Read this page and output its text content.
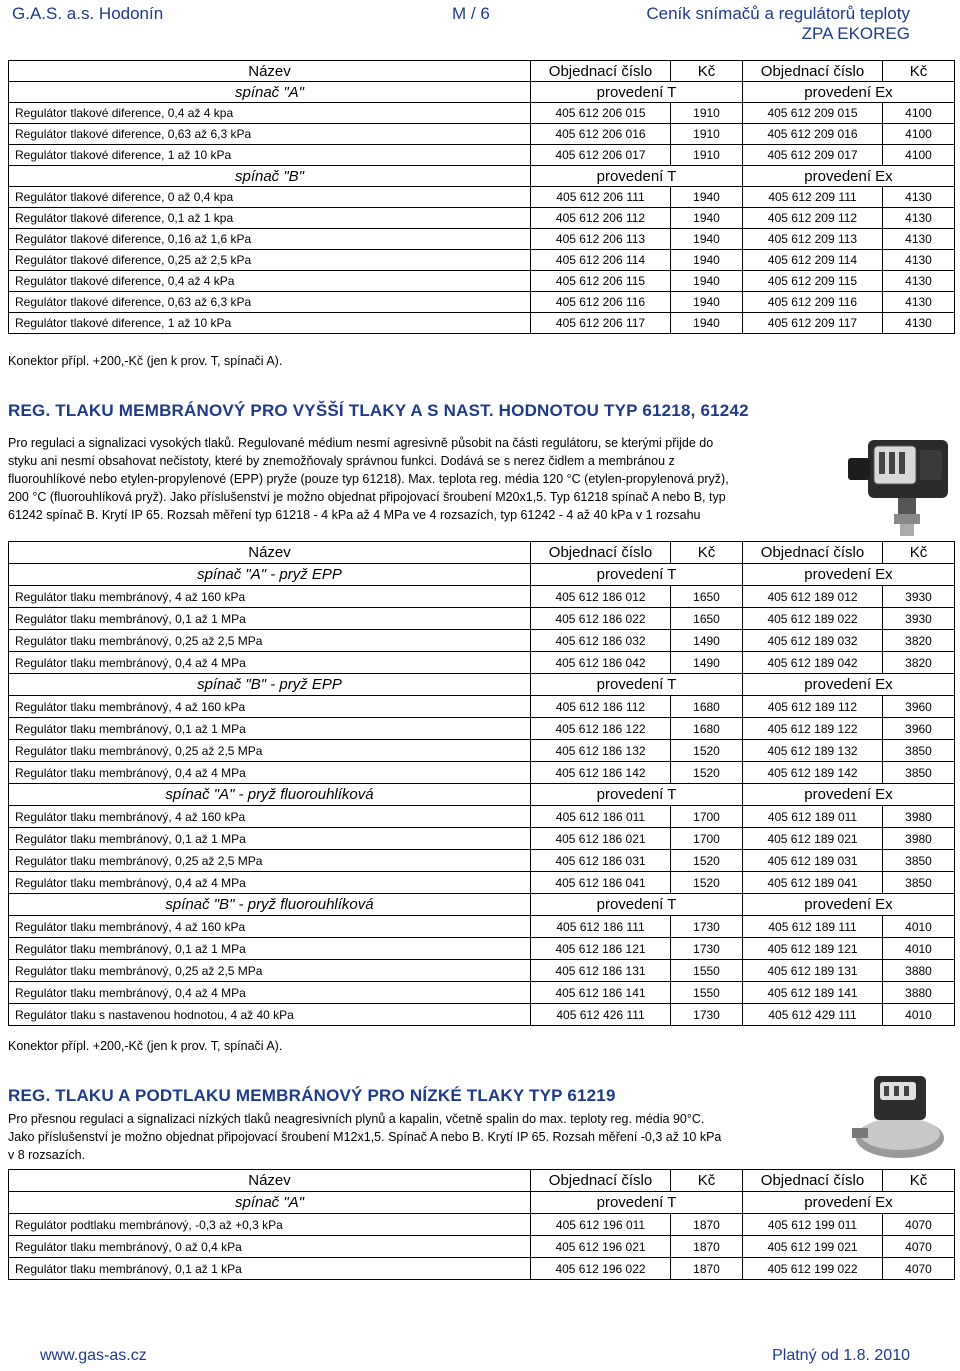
G.A.S. a.s. Hodonín	M / 6	Ceník snímačů a regulátorů teploty
ZPA EKOREG
Název	Objednací číslo	Kč	Objednací číslo	Kč
spínač "A"	provedení T		provedení Ex	
Regulátor tlakové diference, 0,4 až 4 kpa	405 612 206 015	1910	405 612 209 015	4100
Regulátor tlakové diference, 0,63 až 6,3 kPa	405 612 206 016	1910	405 612 209 016	4100
Regulátor tlakové diference, 1 až 10 kPa	405 612 206 017	1910	405 612 209 017	4100
spínač "B"	provedení T		provedení Ex	
Regulátor tlakové diference, 0 až 0,4 kpa	405 612 206 111	1940	405 612 209 111	4130
Regulátor tlakové diference, 0,1 až 1 kpa	405 612 206 112	1940	405 612 209 112	4130
Regulátor tlakové diference, 0,16 až 1,6 kPa	405 612 206 113	1940	405 612 209 113	4130
Regulátor tlakové diference, 0,25 až 2,5 kPa	405 612 206 114	1940	405 612 209 114	4130
Regulátor tlakové diference, 0,4 až 4 kPa	405 612 206 115	1940	405 612 209 115	4130
Regulátor tlakové diference, 0,63 až 6,3 kPa	405 612 206 116	1940	405 612 209 116	4130
Regulátor tlakové diference, 1 až 10 kPa	405 612 206 117	1940	405 612 209 117	4130
Konektor přípl. +200,-Kč (jen k prov. T, spínači A).
REG. TLAKU MEMBRÁNOVÝ PRO VYŠŠÍ TLAKY A S NAST. HODNOTOU TYP 61218, 61242
Pro regulaci a signalizaci vysokých tlaků. Regulované médium nesmí agresivně působit na části regulátoru, se kterými přijde do
styku ani nesmí obsahovat nečistoty, které by znemožňovaly správnou funkci. Dodává se s nerez čidlem a membránou z
fluorouhlíkové nebo etylen-propylenové (EPP) pryže (pouze typ 61218). Max. teplota reg. média 120 °C (etylen-propylenová pryž),
200 °C (fluorouhlíková pryž). Jako příslušenství je možno objednat připojovací šroubení M20x1,5. Typ 61218 spínač A nebo B, typ
61242 spínač B. Krytí IP 65. Rozsah měření typ 61218 - 4 kPa až 4 MPa ve 4 rozsazích, typ 61242 - 4 až 40 kPa v 1 rozsahu
Název	Objednací číslo	Kč	Objednací číslo	Kč
spínač "A" - pryž EPP	provedení T		provedení Ex	
Regulátor tlaku membránový, 4 až 160 kPa	405 612 186 012	1650	405 612 189 012	3930
Regulátor tlaku membránový, 0,1 až 1 MPa	405 612 186 022	1650	405 612 189 022	3930
Regulátor tlaku membránový, 0,25 až 2,5 MPa	405 612 186 032	1490	405 612 189 032	3820
Regulátor tlaku membránový, 0,4 až 4 MPa	405 612 186 042	1490	405 612 189 042	3820
spínač "B" - pryž EPP	provedení T		provedení Ex	
Regulátor tlaku membránový, 4 až 160 kPa	405 612 186 112	1680	405 612 189 112	3960
Regulátor tlaku membránový, 0,1 až 1 MPa	405 612 186 122	1680	405 612 189 122	3960
Regulátor tlaku membránový, 0,25 až 2,5 MPa	405 612 186 132	1520	405 612 189 132	3850
Regulátor tlaku membránový, 0,4 až 4 MPa	405 612 186 142	1520	405 612 189 142	3850
spínač "A" - pryž fluorouhlíková	provedení T		provedení Ex	
Regulátor tlaku membránový, 4 až 160 kPa	405 612 186 011	1700	405 612 189 011	3980
Regulátor tlaku membránový, 0,1 až 1 MPa	405 612 186 021	1700	405 612 189 021	3980
Regulátor tlaku membránový, 0,25 až 2,5 MPa	405 612 186 031	1520	405 612 189 031	3850
Regulátor tlaku membránový, 0,4 až 4 MPa	405 612 186 041	1520	405 612 189 041	3850
spínač "B" - pryž fluorouhlíková	provedení T		provedení Ex	
Regulátor tlaku membránový, 4 až 160 kPa	405 612 186 111	1730	405 612 189 111	4010
Regulátor tlaku membránový, 0,1 až 1 MPa	405 612 186 121	1730	405 612 189 121	4010
Regulátor tlaku membránový, 0,25 až 2,5 MPa	405 612 186 131	1550	405 612 189 131	3880
Regulátor tlaku membránový, 0,4 až 4 MPa	405 612 186 141	1550	405 612 189 141	3880
Regulátor tlaku s nastavenou hodnotou, 4 až 40 kPa	405 612 426 111	1730	405 612 429 111	4010
Konektor přípl. +200,-Kč (jen k prov. T, spínači A).
REG. TLAKU A PODTLAKU MEMBRÁNOVÝ PRO NÍZKÉ TLAKY TYP 61219
Pro přesnou regulaci a signalizaci nízkých tlaků neagresivních plynů a kapalin, včetně spalin do max. teploty reg. média 90°C.
Jako příslušenství je možno objednat připojovací šroubení M12x1,5. Spínač A nebo B. Krytí IP 65. Rozsah měření -0,3 až 10 kPa
v 8 rozsazích.
Název	Objednací číslo	Kč	Objednací číslo	Kč
spínač "A"	provedení T		provedení Ex	
Regulátor podtlaku membránový, -0,3 až +0,3 kPa	405 612 196 011	1870	405 612 199 011	4070
Regulátor tlaku membránový, 0 až 0,4 kPa	405 612 196 021	1870	405 612 199 021	4070
Regulátor tlaku membránový, 0,1 až 1 kPa	405 612 196 022	1870	405 612 199 022	4070
www.gas-as.cz	Platný od 1.8. 2010
